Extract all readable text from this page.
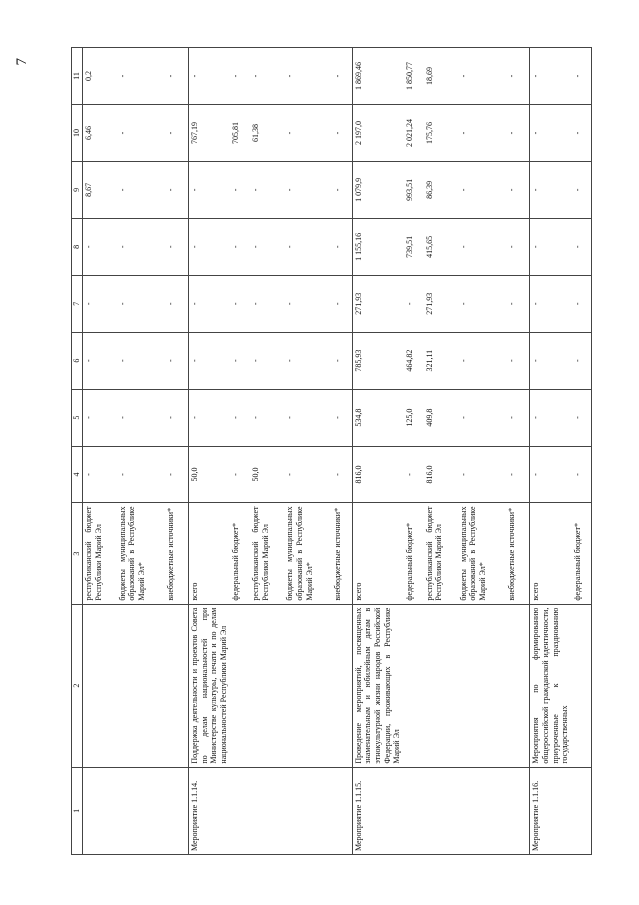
7

1	2	3	4	5	6	7	8	9	10	11
		республиканский бюджет Республики Марий Эл	-	-	-	-	-	8,67	6,46	0,2
		бюджеты муниципальных образований в Республике Марий Эл*	-	-	-	-	-	-	-	-
		внебюджетные источники*	-	-	-	-	-	-	-	-
Мероприятие 1.1.14.	Поддержка деятельности и проектов Совета по делам национальностей при Министерстве культуры, печати и по делам национальностей Республики Марий Эл	всего	50,0	-	-	-	-	-	767,19	-
		федеральный бюджет*	-	-	-	-	-	-	705,81	-
		республиканский бюджет Республики Марий Эл	50,0	-	-	-	-	-	61,38	-
		бюджеты муниципальных образований в Республике Марий Эл*	-	-	-	-	-	-	-	-
		внебюджетные источники*	-	-	-	-	-	-	-	-
Мероприятие 1.1.15.	Проведение мероприятий, посвященных знаменательным и юбилейным датам в этнокультурной жизни народов Российской Федерации, проживающих в Республике Марий Эл	всего	816,0	534,8	785,93	271,93	1 155,16	1 079,9	2 197,0	1 869,46
		федеральный бюджет*	-	125,0	464,82	-	739,51	993,51	2 021,24	1 850,77
		республиканский бюджет Республики Марий Эл	816,0	409,8	321,11	271,93	415,65	86,39	175,76	18,69
		бюджеты муниципальных образований в Республике Марий Эл*	-	-	-	-	-	-	-	-
		внебюджетные источники*	-	-	-	-	-	-	-	-
Мероприятие 1.1.16.	Мероприятия по формированию общероссийской гражданской идентичности, приуроченные к празднованию государственных	всего	-	-	-	-	-	-	-	-
		федеральный бюджет*	-	-	-	-	-	-	-	-
